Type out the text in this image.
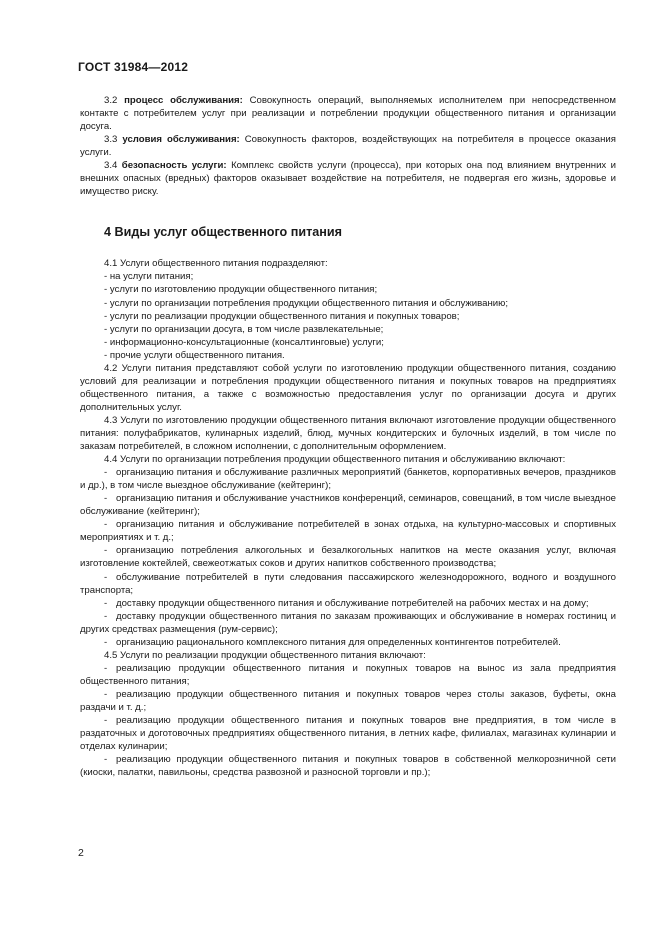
ГОСТ 31984—2012

3.2 процесс обслуживания: Совокупность операций, выполняемых исполнителем при непосредственном контакте с потребителем услуг при реализации и потреблении продукции общественного питания и организации досуга.

3.3 условия обслуживания: Совокупность факторов, воздействующих на потребителя в процессе оказания услуги.

3.4 безопасность услуги: Комплекс свойств услуги (процесса), при которых она под влиянием внутренних и внешних опасных (вредных) факторов оказывает воздействие на потребителя, не подвергая его жизнь, здоровье и имущество риску.

4 Виды услуг общественного питания

4.1 Услуги общественного питания подразделяют:

- на услуги питания;
- услуги по изготовлению продукции общественного питания;
- услуги по организации потребления продукции общественного питания и обслуживанию;
- услуги по реализации продукции общественного питания и покупных товаров;
- услуги по организации досуга, в том числе развлекательные;
- информационно-консультационные (консалтинговые) услуги;
- прочие услуги общественного питания.

4.2 Услуги питания представляют собой услуги по изготовлению продукции общественного питания, созданию условий для реализации и потребления продукции общественного питания и покупных товаров на предприятиях общественного питания, а также с возможностью предоставления услуг по организации досуга и других дополнительных услуг.

4.3 Услуги по изготовлению продукции общественного питания включают изготовление продукции общественного питания: полуфабрикатов, кулинарных изделий, блюд, мучных кондитерских и булочных изделий, в том числе по заказам потребителей, в сложном исполнении, с дополнительным оформлением.

4.4 Услуги по организации потребления продукции общественного питания и обслуживанию включают:

- организацию питания и обслуживание различных мероприятий (банкетов, корпоративных вечеров, праздников и др.), в том числе выездное обслуживание (кейтеринг);
- организацию питания и обслуживание участников конференций, семинаров, совещаний, в том числе выездное обслуживание (кейтеринг);
- организацию питания и обслуживание потребителей в зонах отдыха, на культурно-массовых и спортивных мероприятиях и т. д.;
- организацию потребления алкогольных и безалкогольных напитков на месте оказания услуг, включая изготовление коктейлей, свежеотжатых соков и других напитков собственного производства;
- обслуживание потребителей в пути следования пассажирского железнодорожного, водного и воздушного транспорта;
- доставку продукции общественного питания и обслуживание потребителей на рабочих местах и на дому;
- доставку продукции общественного питания по заказам проживающих и обслуживание в номерах гостиниц и других средствах размещения (рум-сервис);
- организацию рационального комплексного питания для определенных контингентов потребителей.

4.5 Услуги по реализации продукции общественного питания включают:

- реализацию продукции общественного питания и покупных товаров на вынос из зала предприятия общественного питания;
- реализацию продукции общественного питания и покупных товаров через столы заказов, буфеты, окна раздачи и т. д.;
- реализацию продукции общественного питания и покупных товаров вне предприятия, в том числе в раздаточных и доготовочных предприятиях общественного питания, в летних кафе, филиалах, магазинах кулинарии и отделах кулинарии;
- реализацию продукции общественного питания и покупных товаров в собственной мелкорозничной сети (киоски, палатки, павильоны, средства развозной и разносной торговли и пр.);
2
